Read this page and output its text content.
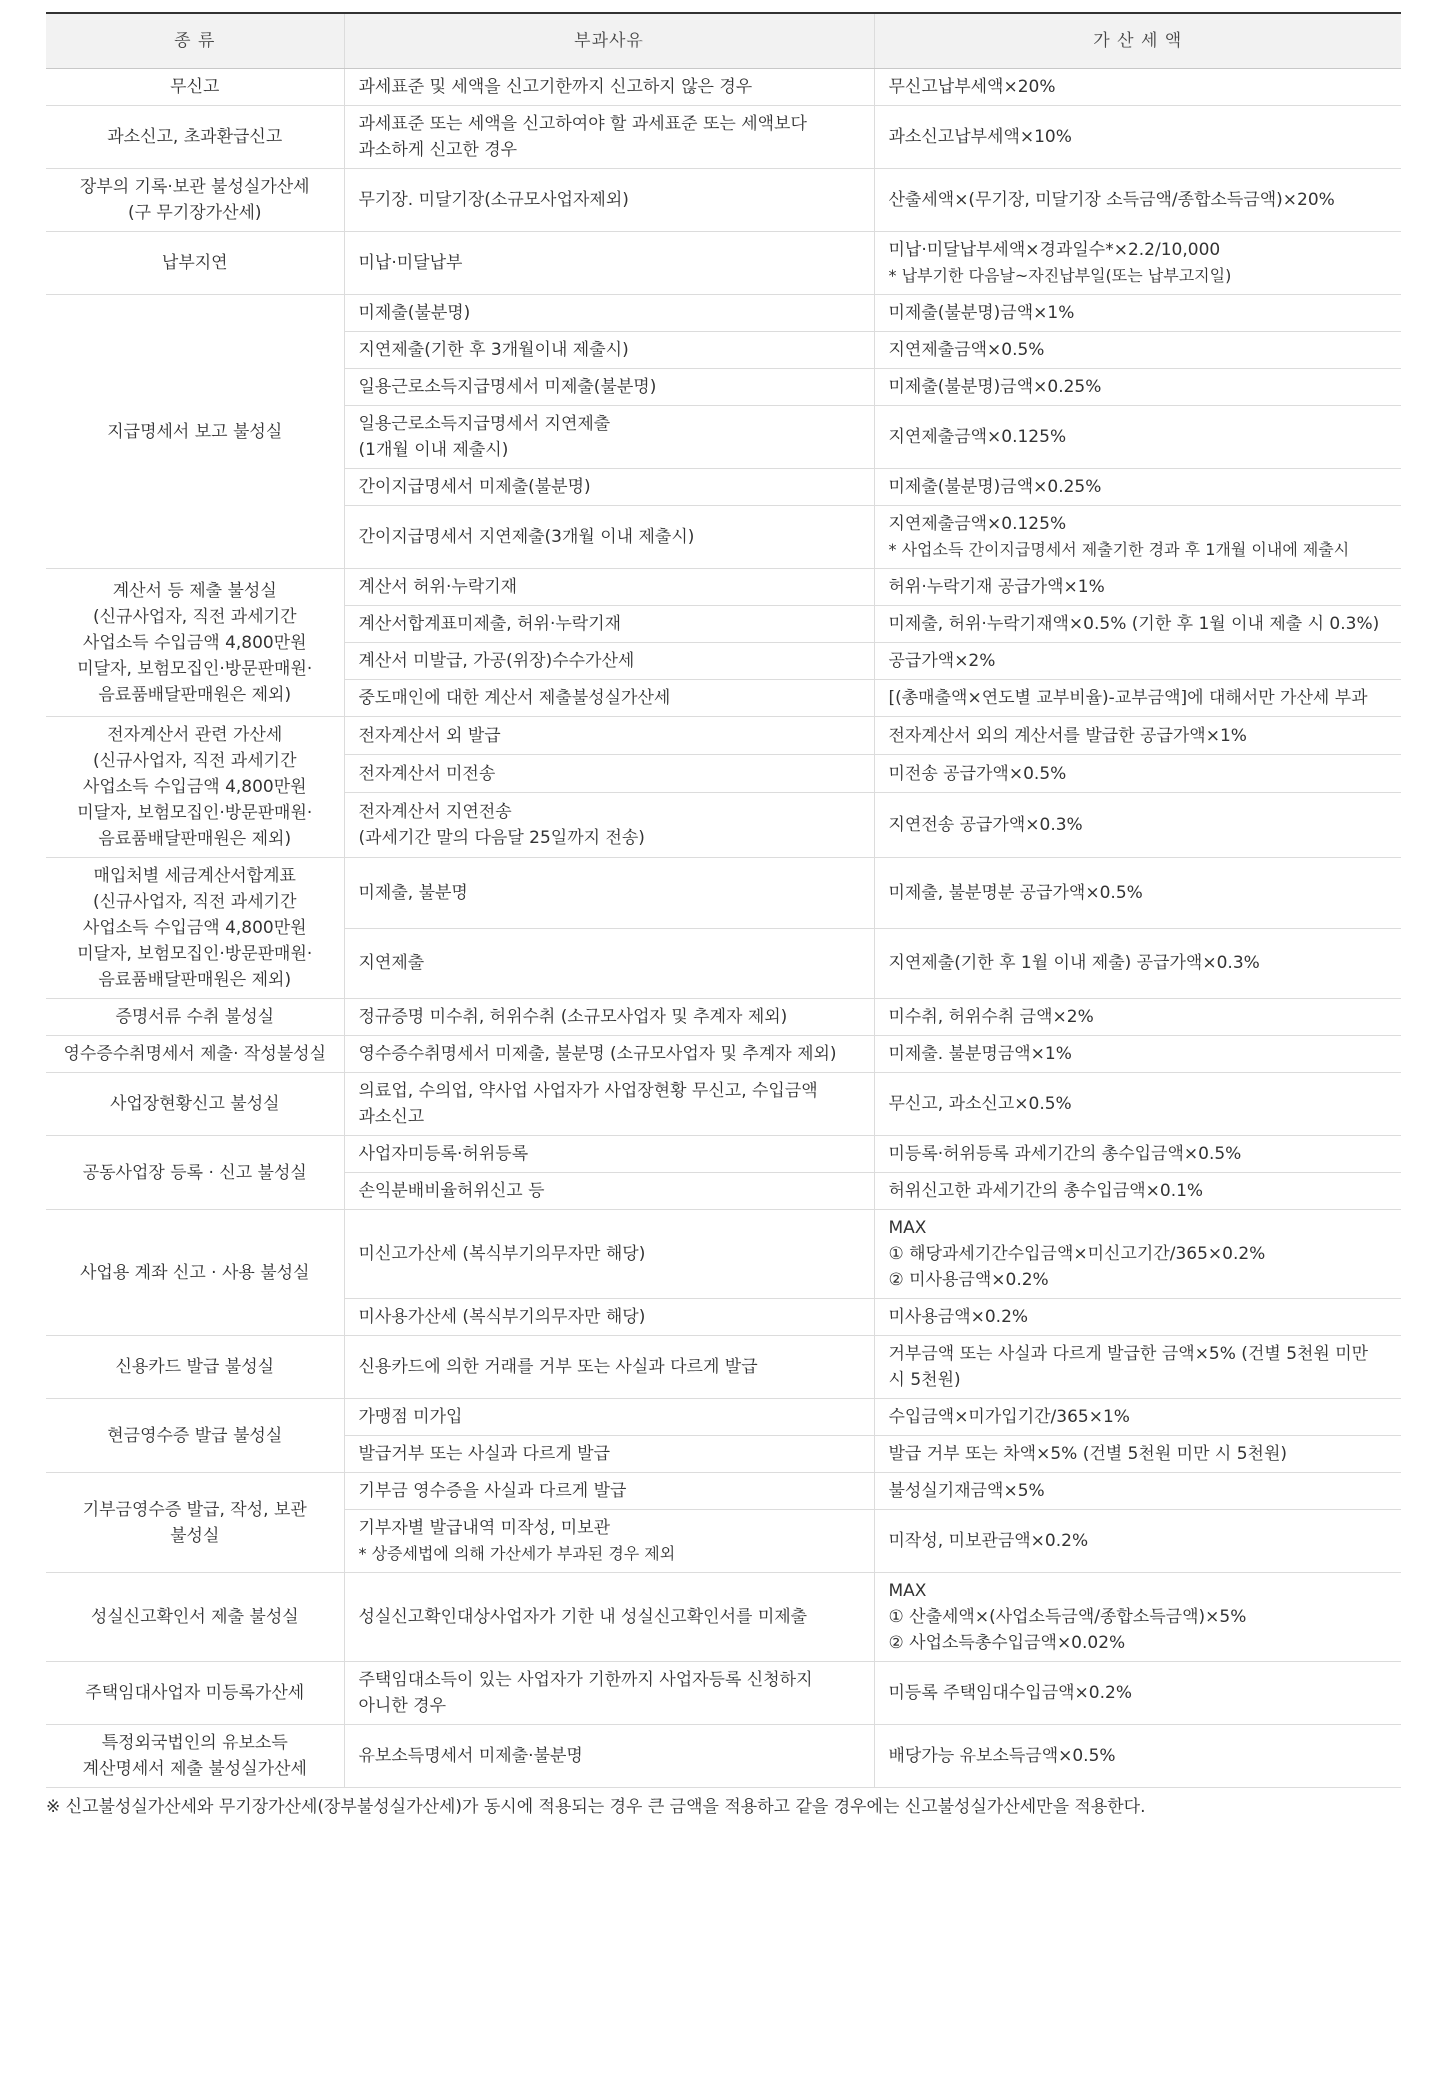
종 류	부과사유	가 산 세 액

무신고	과세표준 및 세액을 신고기한까지 신고하지 않은 경우	무신고납부세액×20%

과소신고, 초과환급신고	과세표준 또는 세액을 신고하여야 할 과세표준 또는 세액보다 과소하게 신고한 경우	과소신고납부세액×10%

장부의 기록·보관 불성실가산세
(구 무기장가산세)	무기장. 미달기장(소규모사업자제외)	산출세액×(무기장, 미달기장 소득금액/종합소득금액)×20%

납부지연	미납·미달납부	미납·미달납부세액×경과일수*×2.2/10,000
* 납부기한 다음날~자진납부일(또는 납부고지일)

지급명세서 보고 불성실	미제출(불분명)	미제출(불분명)금액×1%

	지연제출(기한 후 3개월이내 제출시)	지연제출금액×0.5%

	일용근로소득지급명세서 미제출(불분명)	미제출(불분명)금액×0.25%

	일용근로소득지급명세서 지연제출
(1개월 이내 제출시)	지연제출금액×0.125%

	간이지급명세서 미제출(불분명)	미제출(불분명)금액×0.25%

	간이지급명세서 지연제출(3개월 이내 제출시)	지연제출금액×0.125%
* 사업소득 간이지급명세서 제출기한 경과 후 1개월 이내에 제출시

계산서 등 제출 불성실
(신규사업자, 직전 과세기간 사업소득 수입금액 4,800만원 미달자, 보험모집인·방문판매원·음료품배달판매원은 제외)	계산서 허위·누락기재	허위·누락기재 공급가액×1%

	계산서합계표미제출, 허위·누락기재	미제출, 허위·누락기재액×0.5% (기한 후 1월 이내 제출 시 0.3%)

	계산서 미발급, 가공(위장)수수가산세	공급가액×2%

	중도매인에 대한 계산서 제출불성실가산세	[(총매출액×연도별 교부비율)-교부금액]에 대해서만 가산세 부과

전자계산서 관련 가산세
(신규사업자, 직전 과세기간 사업소득 수입금액 4,800만원 미달자, 보험모집인·방문판매원·음료품배달판매원은 제외)	전자계산서 외 발급	전자계산서 외의 계산서를 발급한 공급가액×1%

	전자계산서 미전송	미전송 공급가액×0.5%

	전자계산서 지연전송
(과세기간 말의 다음달 25일까지 전송)	지연전송 공급가액×0.3%

매입처별 세금계산서합계표
(신규사업자, 직전 과세기간 사업소득 수입금액 4,800만원 미달자, 보험모집인·방문판매원·음료품배달판매원은 제외)	미제출, 불분명	미제출, 불분명분 공급가액×0.5%

	지연제출	지연제출(기한 후 1월 이내 제출) 공급가액×0.3%

증명서류 수취 불성실	정규증명 미수취, 허위수취 (소규모사업자 및 추계자 제외)	미수취, 허위수취 금액×2%

영수증수취명세서 제출· 작성불성실	영수증수취명세서 미제출, 불분명 (소규모사업자 및 추계자 제외)	미제출. 불분명금액×1%

사업장현황신고 불성실	의료업, 수의업, 약사업 사업자가 사업장현황 무신고, 수입금액 과소신고	무신고, 과소신고×0.5%

공동사업장 등록 · 신고 불성실	사업자미등록·허위등록	미등록·허위등록 과세기간의 총수입금액×0.5%

	손익분배비율허위신고 등	허위신고한 과세기간의 총수입금액×0.1%

사업용 계좌 신고 · 사용 불성실	미신고가산세 (복식부기의무자만 해당)	MAX
① 해당과세기간수입금액×미신고기간/365×0.2%
② 미사용금액×0.2%

	미사용가산세 (복식부기의무자만 해당)	미사용금액×0.2%

신용카드 발급 불성실	신용카드에 의한 거래를 거부 또는 사실과 다르게 발급	거부금액 또는 사실과 다르게 발급한 금액×5% (건별 5천원 미만 시 5천원)

현금영수증 발급 불성실	가맹점 미가입	수입금액×미가입기간/365×1%

	발급거부 또는 사실과 다르게 발급	발급 거부 또는 차액×5% (건별 5천원 미만 시 5천원)

기부금영수증 발급, 작성, 보관 불성실	기부금 영수증을 사실과 다르게 발급	불성실기재금액×5%

	기부자별 발급내역 미작성, 미보관
* 상증세법에 의해 가산세가 부과된 경우 제외	미작성, 미보관금액×0.2%

성실신고확인서 제출 불성실	성실신고확인대상사업자가 기한 내 성실신고확인서를 미제출	MAX
① 산출세액×(사업소득금액/종합소득금액)×5%
② 사업소득총수입금액×0.02%

주택임대사업자 미등록가산세	주택임대소득이 있는 사업자가 기한까지 사업자등록 신청하지 아니한 경우	미등록 주택임대수입금액×0.2%

특정외국법인의 유보소득 계산명세서 제출 불성실가산세	유보소득명세서 미제출·불분명	배당가능 유보소득금액×0.5%
※ 신고불성실가산세와 무기장가산세(장부불성실가산세)가 동시에 적용되는 경우 큰 금액을 적용하고 같을 경우에는 신고불성실가산세만을 적용한다.
